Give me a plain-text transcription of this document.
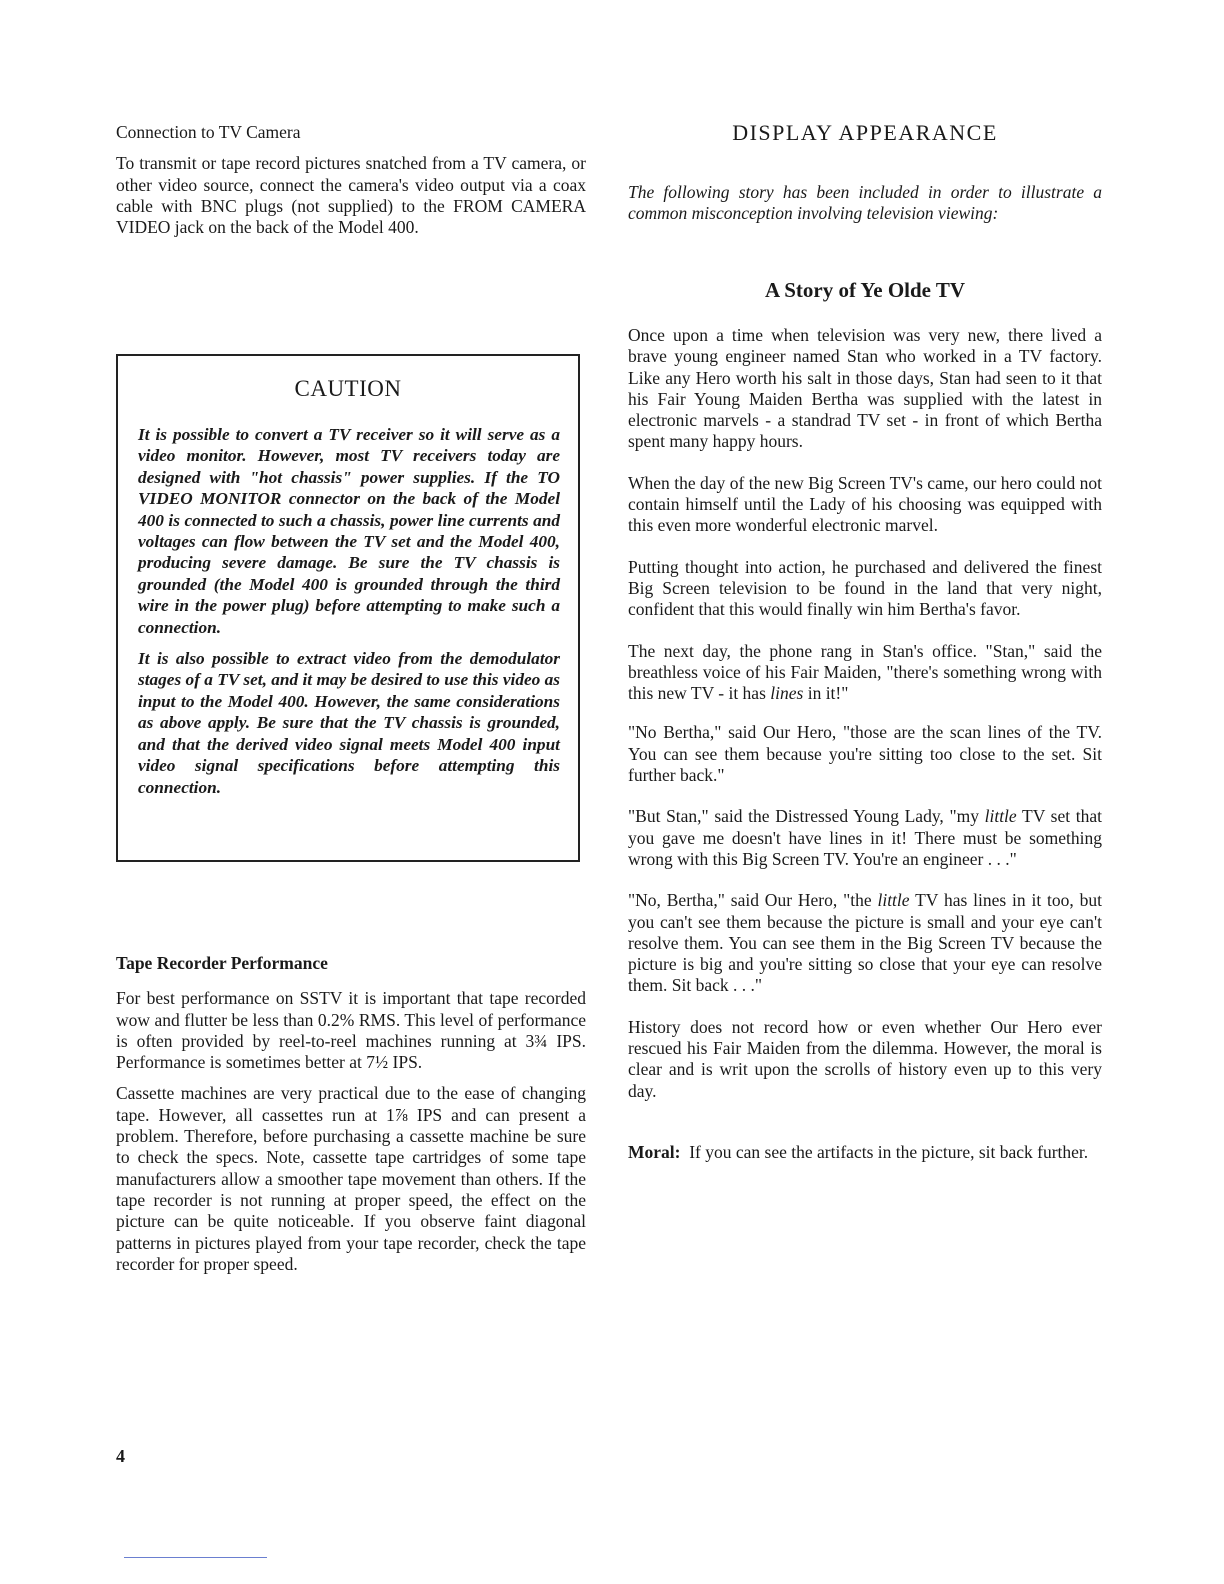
Connection to TV Camera

To transmit or tape record pictures snatched from a TV camera, or other video source, connect the camera's video output via a coax cable with BNC plugs (not supplied) to the FROM CAMERA VIDEO jack on the back of the Model 400.

CAUTION

It is possible to convert a TV receiver so it will serve as a video monitor. However, most TV receivers today are designed with "hot chassis" power supplies. If the TO VIDEO MONITOR connector on the back of the Model 400 is connected to such a chassis, power line currents and voltages can flow between the TV set and the Model 400, producing severe damage. Be sure the TV chassis is grounded (the Model 400 is grounded through the third wire in the power plug) before attempting to make such a connection.

It is also possible to extract video from the demodulator stages of a TV set, and it may be desired to use this video as input to the Model 400. However, the same considerations as above apply. Be sure that the TV chassis is grounded, and that the derived video signal meets Model 400 input video signal specifications before attempting this connection.

Tape Recorder Performance

For best performance on SSTV it is important that tape recorded wow and flutter be less than 0.2% RMS. This level of performance is often provided by reel-to-reel machines running at 3¾ IPS. Performance is sometimes better at 7½ IPS.

Cassette machines are very practical due to the ease of changing tape. However, all cassettes run at 1⅞ IPS and can present a problem. Therefore, before purchasing a cassette machine be sure to check the specs. Note, cassette tape cartridges of some tape manufacturers allow a smoother tape movement than others. If the tape recorder is not running at proper speed, the effect on the picture can be quite noticeable. If you observe faint diagonal patterns in pictures played from your tape recorder, check the tape recorder for proper speed.

DISPLAY APPEARANCE

The following story has been included in order to illustrate a common misconception involving television viewing:

A Story of Ye Olde TV

Once upon a time when television was very new, there lived a brave young engineer named Stan who worked in a TV factory. Like any Hero worth his salt in those days, Stan had seen to it that his Fair Young Maiden Bertha was supplied with the latest in electronic marvels - a standrad TV set - in front of which Bertha spent many happy hours.

When the day of the new Big Screen TV's came, our hero could not contain himself until the Lady of his choosing was equipped with this even more wonderful electronic marvel.

Putting thought into action, he purchased and delivered the finest Big Screen television to be found in the land that very night, confident that this would finally win him Bertha's favor.

The next day, the phone rang in Stan's office. "Stan," said the breathless voice of his Fair Maiden, "there's something wrong with this new TV - it has lines in it!"

"No Bertha," said Our Hero, "those are the scan lines of the TV. You can see them because you're sitting too close to the set. Sit further back."

"But Stan," said the Distressed Young Lady, "my little TV set that you gave me doesn't have lines in it! There must be something wrong with this Big Screen TV. You're an engineer . . ."

"No, Bertha," said Our Hero, "the little TV has lines in it too, but you can't see them because the picture is small and your eye can't resolve them. You can see them in the Big Screen TV because the picture is big and you're sitting so close that your eye can resolve them. Sit back . . ."

History does not record how or even whether Our Hero ever rescued his Fair Maiden from the dilemma. However, the moral is clear and is writ upon the scrolls of history even up to this very day.

Moral: If you can see the artifacts in the picture, sit back further.

4
